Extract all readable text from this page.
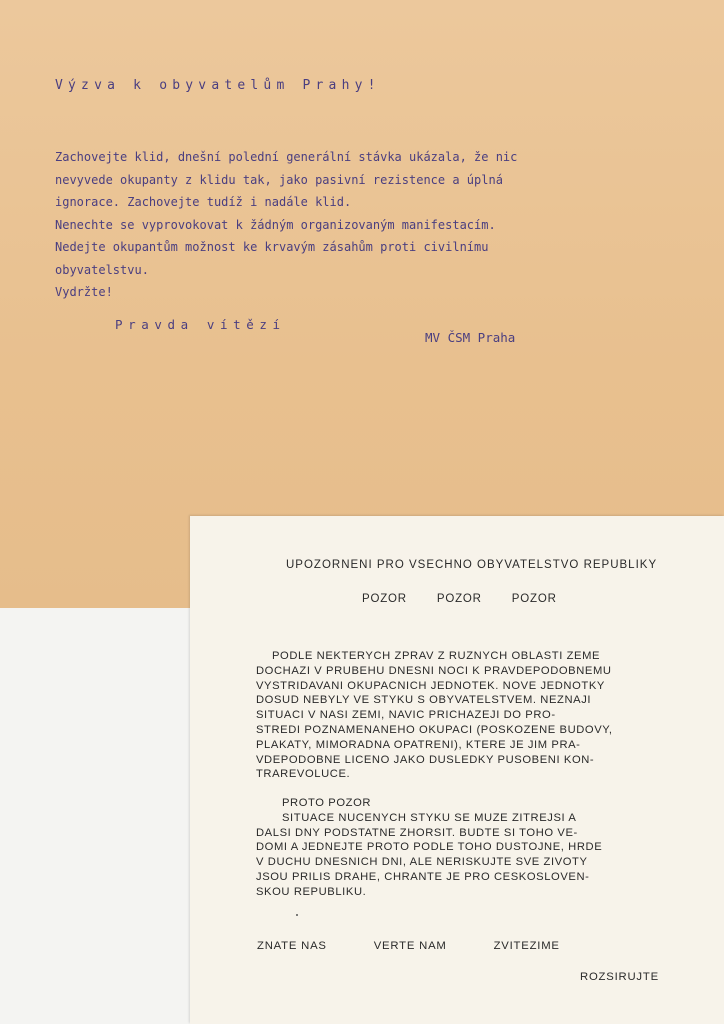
Výzva k obyvatelům Prahy!
Zachovejte klid, dnešní polední generální stávka ukázala, že nic
nevyvede okupanty z klidu tak, jako pasivní rezistence a úplná
ignorace. Zachovejte tudíž i nadále klid.
Nenechte se vyprovokovat k žádným organizovaným manifestacím.
Nedejte okupantům možnost ke krvavým zásahům proti civilnímu
obyvatelstvu.
Vydržte!
Pravda vítězí
MV ČSM Praha
UPOZORNENI PRO VSECHNO OBYVATELSTVO REPUBLIKY
POZOR	POZOR	POZOR
PODLE NEKTERYCH ZPRAV Z RUZNYCH OBLASTI ZEME
DOCHAZI V PRUBEHU DNESNI NOCI K PRAVDEPODOBNEMU
VYSTRIDAVANI OKUPACNICH JEDNOTEK. NOVE JEDNOTKY
DOSUD NEBYLY VE STYKU S OBYVATELSTVEM. NEZNAJI
SITUACI V NASI ZEMI, NAVIC PRICHAZEJI DO PRO-
STREDI POZNAMENANEHO OKUPACI (POSKOZENE BUDOVY,
PLAKATY, MIMORADNA OPATRENI), KTERE JE JIM PRA-
VDEPODOBNE LICENO JAKO DUSLEDKY PUSOBENI KON-
TRAREVOLUCE.
PROTO POZOR
SITUACE NUCENYCH STYKU SE MUZE ZITREJSI A
DALSI DNY PODSTATNE ZHORSIT. BUDTE SI TOHO VE-
DOMI A JEDNEJTE PROTO PODLE TOHO DUSTOJNE, HRDE
V DUCHU DNESNICH DNI, ALE NERISKUJTE SVE ZIVOTY
JSOU PRILIS DRAHE, CHRANTE JE PRO CESKOSLOVEN-
SKOU REPUBLIKU.
ZNATE NAS	VERTE NAM	ZVITEZIME
ROZSIRUJTE
